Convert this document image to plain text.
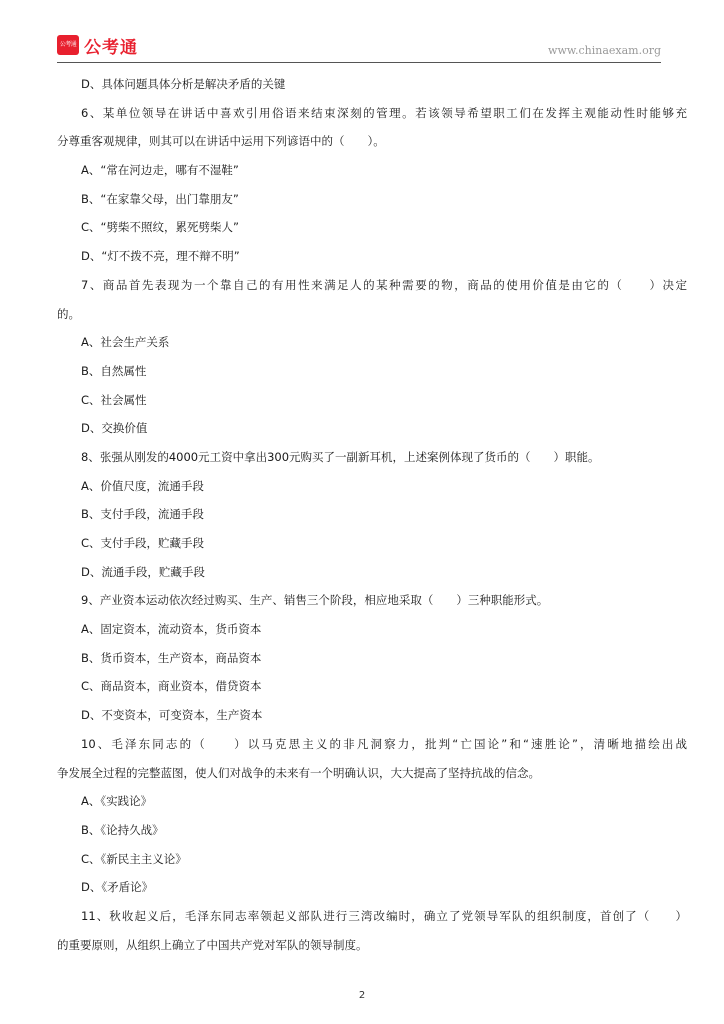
公考通 公考通	www.chinaexam.org
D、具体问题具体分析是解决矛盾的关键
6、某单位领导在讲话中喜欢引用俗语来结束深刻的管理。若该领导希望职工们在发挥主观能动性时能够充
分尊重客观规律，则其可以在讲话中运用下列谚语中的（　　）。
A、“常在河边走，哪有不湿鞋”
B、“在家靠父母，出门靠朋友”
C、“劈柴不照纹，累死劈柴人”
D、“灯不拨不亮，理不辩不明”
7、商品首先表现为一个靠自己的有用性来满足人的某种需要的物，商品的使用价值是由它的（　　）决定
的。
A、社会生产关系
B、自然属性
C、社会属性
D、交换价值
8、张强从刚发的4000元工资中拿出300元购买了一副新耳机，上述案例体现了货币的（　　）职能。
A、价值尺度，流通手段
B、支付手段，流通手段
C、支付手段，贮藏手段
D、流通手段，贮藏手段
9、产业资本运动依次经过购买、生产、销售三个阶段，相应地采取（　　）三种职能形式。
A、固定资本，流动资本，货币资本
B、货币资本，生产资本，商品资本
C、商品资本，商业资本，借贷资本
D、不变资本，可变资本，生产资本
10、毛泽东同志的（　　）以马克思主义的非凡洞察力，批判“亡国论”和“速胜论”，清晰地描绘出战
争发展全过程的完整蓝图，使人们对战争的未来有一个明确认识，大大提高了坚持抗战的信念。
A、《实践论》
B、《论持久战》
C、《新民主主义论》
D、《矛盾论》
11、秋收起义后，毛泽东同志率领起义部队进行三湾改编时，确立了党领导军队的组织制度，首创了（　　）
的重要原则，从组织上确立了中国共产党对军队的领导制度。
2
